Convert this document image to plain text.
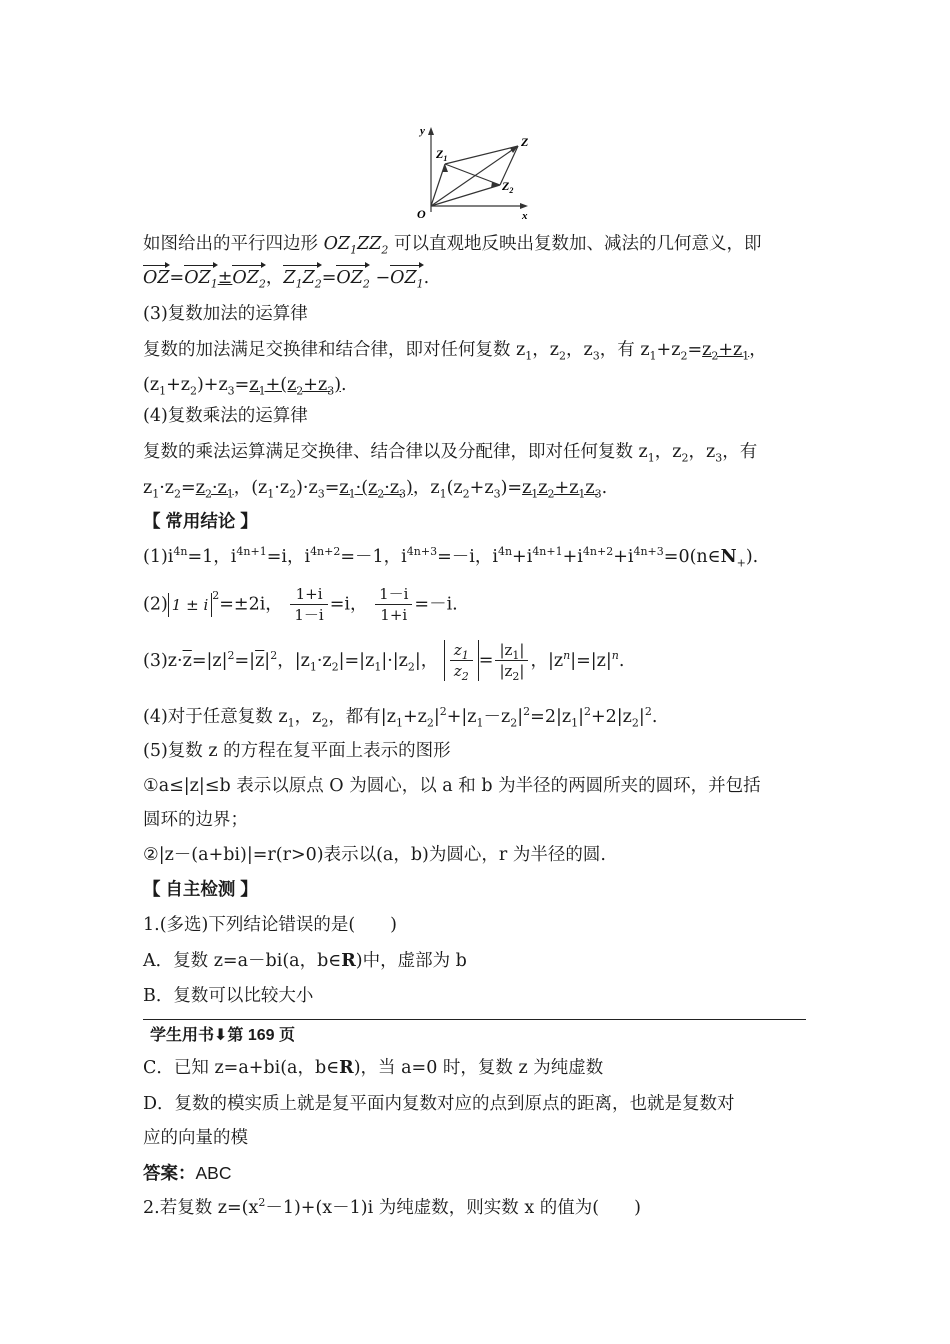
y
x
O
Z
$Z_1$
$Z_2$
如图给出的平行四边形 $OZ_1ZZ_2$ 可以直观地反映出复数加、减法的几何意义，即
$OZ=OZ_1\pm OZ_2$，$Z_1Z_2=OZ_2 -OZ_1$.
(3)复数加法的运算律
复数的加法满足交换律和结合律，即对任何复数 $z_1$，$z_2$，$z_3$，有 $z_1+z_2=z_2+z_1$，
$(z_1+z_2)+z_3=z_1+(z_2+z_3)$.
(4)复数乘法的运算律
复数的乘法运算满足交换律、结合律以及分配律，即对任何复数 $z_1$，$z_2$，$z_3$，有
$z_1\cdot z_2=z_2\cdot z_1$，$(z_1\cdot z_2)\cdot z_3=z_1\cdot(z_2\cdot z_3)$，$z_1(z_2+z_3)=z_1z_2+z_1z_3$.
【 常用结论 】
$(1)i^{4n}=1$，$i^{4n+1}=i$，$i^{4n+2}=-1$，$i^{4n+3}=-i$，$i^{4n}+i^{4n+1}+i^{4n+2}+i^{4n+3}=0(n\in N_+)$.
(2) 1 ± i $^2$=±2i， $\frac{1+i}{1-i} =i$， $\frac{1-i}{1+i} =-i$.
$(3)z\cdot\overline{z}=|z|^2=|\overline{z}|^2$，$|z_1\cdot z_2|=|z_1|\cdot|z_2|$， $\frac{z_1}{z_2} = \frac{|z_1|}{|z_2|}$ ，$|z^n|=|z|^n$.
(4)对于任意复数 $z_1$，$z_2$，都有$|z_1+z_2|^2+|z_1-z_2|^2=2|z_1|^2+2|z_2|^2$.
(5)复数 z 的方程在复平面上表示的图形
①a≤|z|≤b 表示以原点 O 为圆心，以 a 和 b 为半径的两圆所夹的圆环，并包括
圆环的边界；
②|z－(a+bi)|=r(r>0)表示以(a，b)为圆心，r 为半径的圆.
【 自主检测 】
1.(多选)下列结论错误的是(　　)
A．复数 z=a－bi(a，b∈R)中，虚部为 b
B．复数可以比较大小
学生用书⬇第 169 页
C．已知 z=a+bi(a，b∈R)，当 a=0 时，复数 z 为纯虚数
D．复数的模实质上就是复平面内复数对应的点到原点的距离，也就是复数对
应的向量的模
答案：ABC
2.若复数 $z=(x^2-1)+(x-1)i$ 为纯虚数，则实数 x 的值为(　　)
